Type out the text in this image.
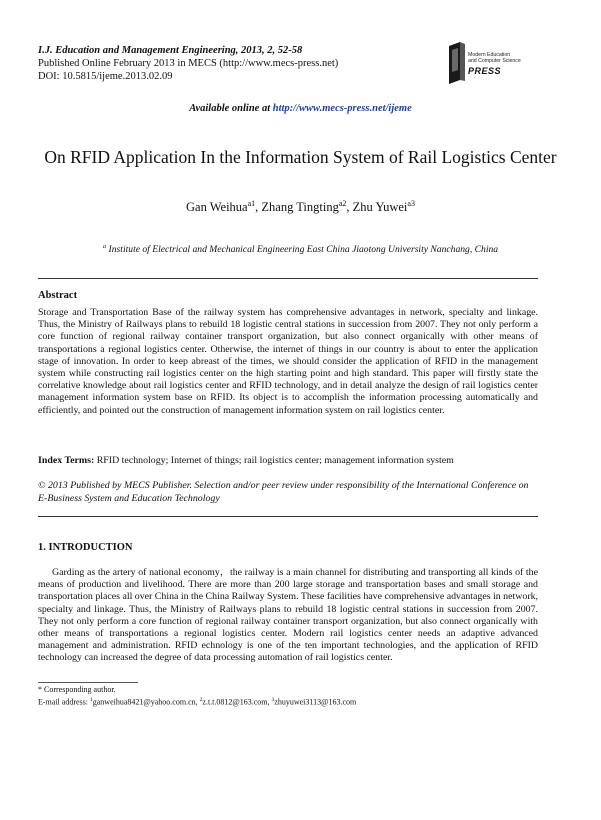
I.J. Education and Management Engineering, 2013, 2, 52-58
Published Online February 2013 in MECS (http://www.mecs-press.net)
DOI: 10.5815/ijeme.2013.02.09
Modern Education
and Computer Science
PRESS
Available online at http://www.mecs-press.net/ijeme
On RFID Application In the Information System of Rail Logistics Center
Gan Weihua$^{a1}$, Zhang Tingting$^{a2}$, Zhu Yuwei$^{a3}$
$^a$ Institute of Electrical and Mechanical Engineering East China Jiaotong University Nanchang, China
Abstract
Storage and Transportation Base of the railway system has comprehensive advantages in network, specialty and linkage. Thus, the Ministry of Railways plans to rebuild 18 logistic central stations in succession from 2007. They not only perform a core function of regional railway container transport organization, but also connect organically with other means of transportations a regional logistics center. Otherwise, the internet of things in our country is about to enter the application stage of innovation. In order to keep abreast of the times, we should consider the application of RFID in the management system while constructing rail logistics center on the high starting point and high standard. This paper will firstly state the correlative knowledge about rail logistics center and RFID technology, and in detail analyze the design of rail logistics center management information system base on RFID. Its object is to accomplish the information processing automatically and efficiently, and pointed out the construction of management information system on rail logistics center.
Index Terms: RFID technology; Internet of things; rail logistics center; management information system
© 2013 Published by MECS Publisher. Selection and/or peer review under responsibility of the International Conference on E-Business System and Education Technology
1. INTRODUCTION
Garding as the artery of national economy，the railway is a main channel for distributing and transporting all kinds of the means of production and livelihood. There are more than 200 large storage and transportation bases and small storage and transportation places all over China in the China Railway System. These facilities have comprehensive advantages in network, specialty and linkage. Thus, the Ministry of Railways plans to rebuild 18 logistic central stations in succession from 2007. They not only perform a core function of regional railway container transport organization, but also connect organically with other means of transportations a regional logistics center. Modern rail logistics center needs an adaptive advanced management and administration. RFID echnology is one of the ten important technologies, and the application of RFID technology can increased the degree of data processing automation of rail logistics center.
* Corresponding author.
E-mail address: $^1$ganweihua8421@yahoo.com.cn, $^2$z.t.t.0812@163.com, $^3$zhuyuwei3113@163.com
